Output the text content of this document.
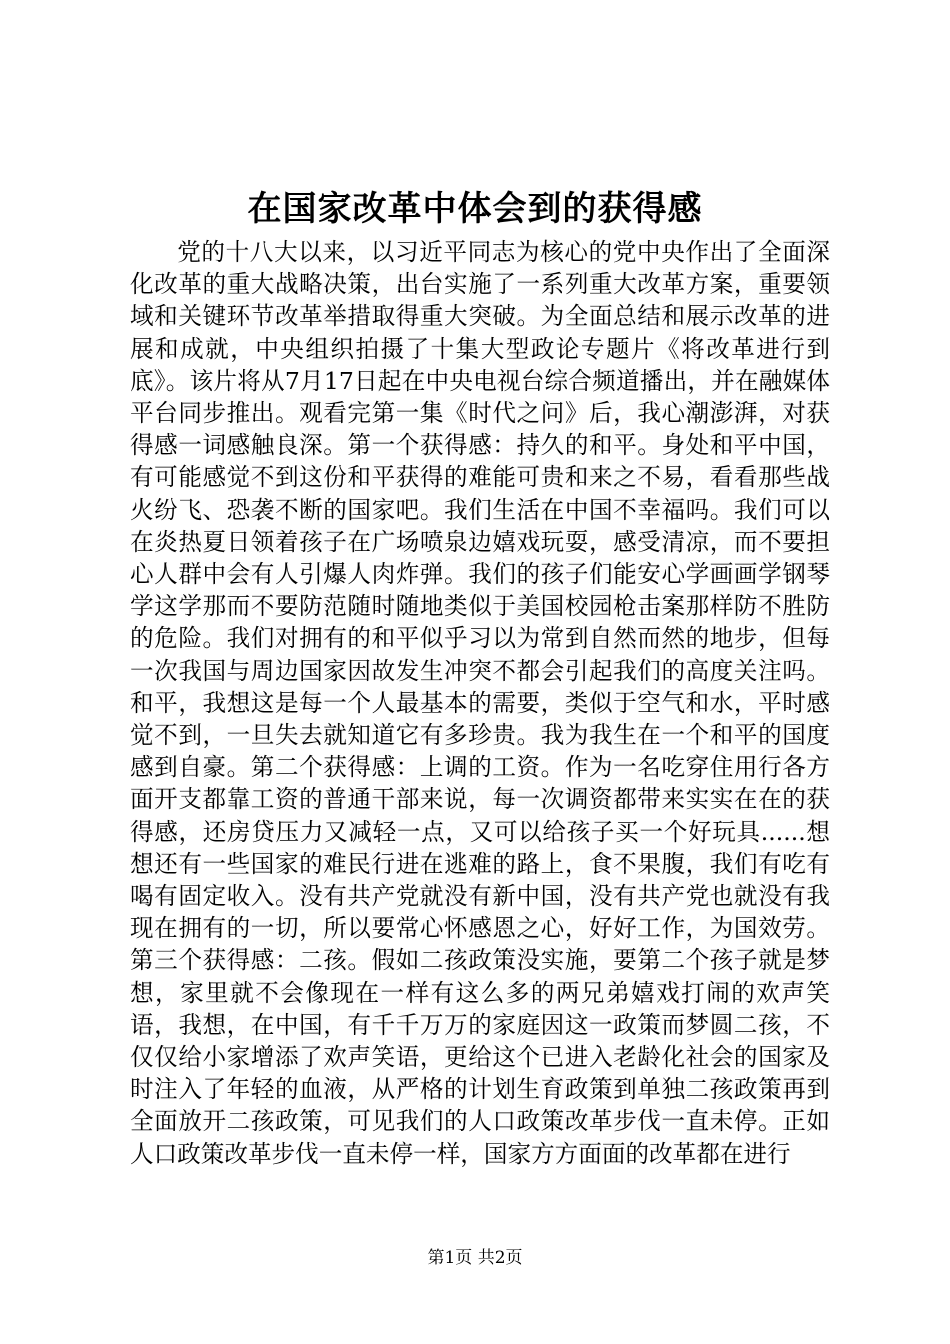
在国家改革中体会到的获得感

党的十八大以来，以习近平同志为核心的党中央作出了全面深化改革的重大战略决策，出台实施了一系列重大改革方案，重要领域和关键环节改革举措取得重大突破。为全面总结和展示改革的进展和成就，中央组织拍摄了十集大型政论专题片《将改革进行到底》。该片将从7月17日起在中央电视台综合频道播出，并在融媒体平台同步推出。观看完第一集《时代之问》后，我心潮澎湃，对获得感一词感触良深。第一个获得感：持久的和平。身处和平中国，有可能感觉不到这份和平获得的难能可贵和来之不易，看看那些战火纷飞、恐袭不断的国家吧。我们生活在中国不幸福吗。我们可以在炎热夏日领着孩子在广场喷泉边嬉戏玩耍，感受清凉，而不要担心人群中会有人引爆人肉炸弹。我们的孩子们能安心学画画学钢琴学这学那而不要防范随时随地类似于美国校园枪击案那样防不胜防的危险。我们对拥有的和平似乎习以为常到自然而然的地步，但每一次我国与周边国家因故发生冲突不都会引起我们的高度关注吗。和平，我想这是每一个人最基本的需要，类似于空气和水，平时感觉不到，一旦失去就知道它有多珍贵。我为我生在一个和平的国度感到自豪。第二个获得感：上调的工资。作为一名吃穿住用行各方面开支都靠工资的普通干部来说，每一次调资都带来实实在在的获得感，还房贷压力又减轻一点，又可以给孩子买一个好玩具......想想还有一些国家的难民行进在逃难的路上，食不果腹，我们有吃有喝有固定收入。没有共产党就没有新中国，没有共产党也就没有我现在拥有的一切，所以要常心怀感恩之心，好好工作，为国效劳。第三个获得感：二孩。假如二孩政策没实施，要第二个孩子就是梦想，家里就不会像现在一样有这么多的两兄弟嬉戏打闹的欢声笑语，我想，在中国，有千千万万的家庭因这一政策而梦圆二孩，不仅仅给小家增添了欢声笑语，更给这个已进入老龄化社会的国家及时注入了年轻的血液，从严格的计划生育政策到单独二孩政策再到全面放开二孩政策，可见我们的人口政策改革步伐一直未停。正如人口政策改革步伐一直未停一样，国家方方面面的改革都在进行

第1页 共2页
